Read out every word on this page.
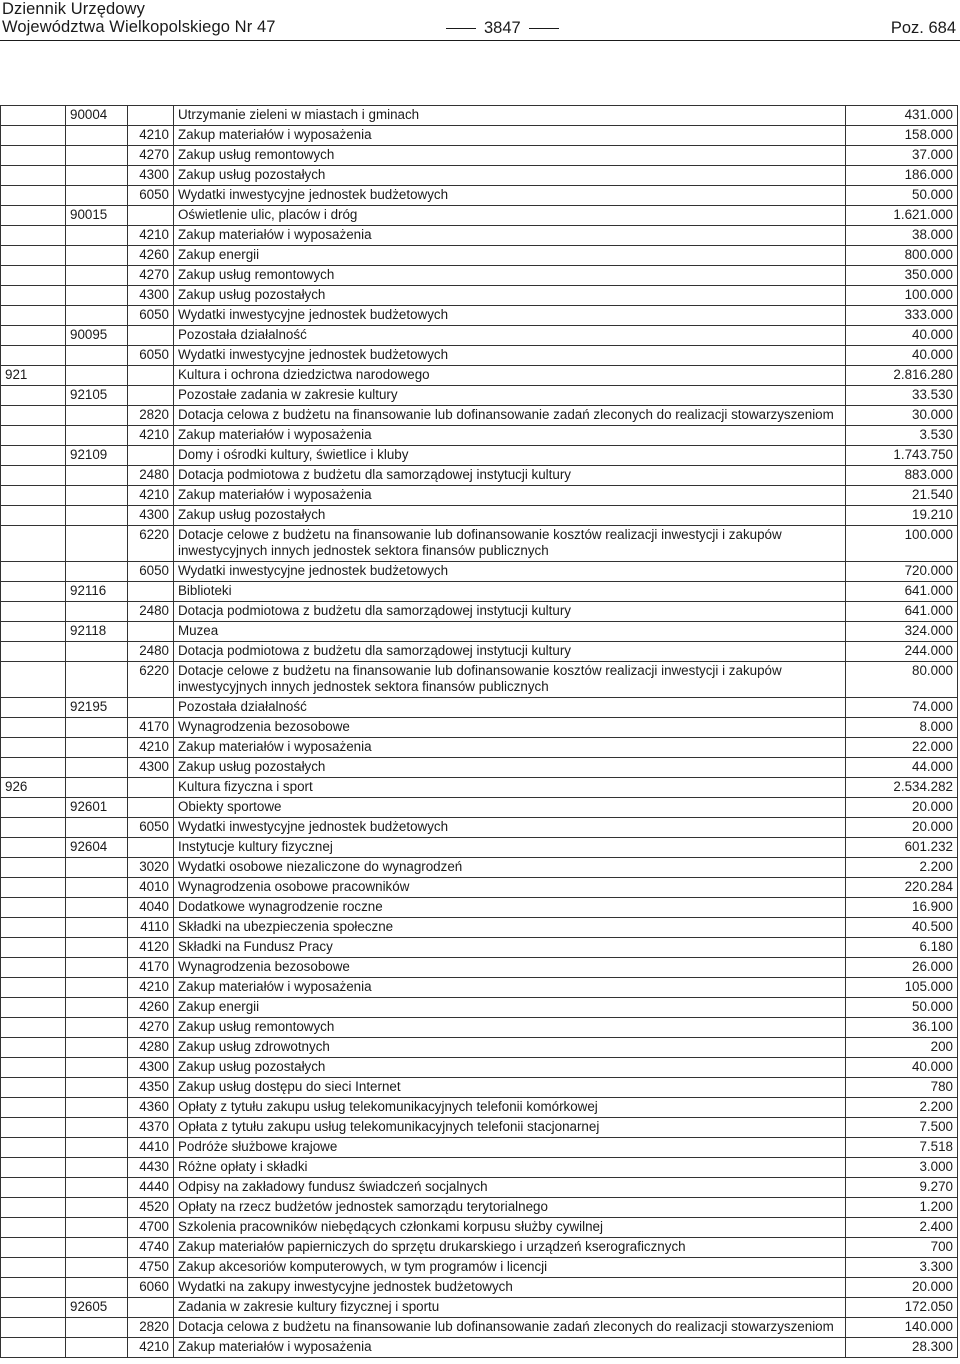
Dziennik Urzędowy
Województwa Wielkopolskiego Nr 47	3847	Poz. 684
	90004		Utrzymanie zieleni w miastach i gminach	431.000
		4210	Zakup materiałów i wyposażenia	158.000
		4270	Zakup usług remontowych	37.000
		4300	Zakup usług pozostałych	186.000
		6050	Wydatki inwestycyjne jednostek budżetowych	50.000
	90015		Oświetlenie ulic, placów i dróg	1.621.000
		4210	Zakup materiałów i wyposażenia	38.000
		4260	Zakup energii	800.000
		4270	Zakup usług remontowych	350.000
		4300	Zakup usług pozostałych	100.000
		6050	Wydatki inwestycyjne jednostek budżetowych	333.000
	90095		Pozostała działalność	40.000
		6050	Wydatki inwestycyjne jednostek budżetowych	40.000
921			Kultura i ochrona dziedzictwa narodowego	2.816.280
	92105		Pozostałe zadania w zakresie kultury	33.530
		2820	Dotacja celowa z budżetu na finansowanie lub dofinansowanie zadań zleconych do realizacji stowarzyszeniom	30.000
		4210	Zakup materiałów i wyposażenia	3.530
	92109		Domy i ośrodki kultury, świetlice i kluby	1.743.750
		2480	Dotacja podmiotowa z budżetu dla samorządowej instytucji kultury	883.000
		4210	Zakup materiałów i wyposażenia	21.540
		4300	Zakup usług pozostałych	19.210
		6220	Dotacje celowe z budżetu na finansowanie lub dofinansowanie kosztów realizacji inwestycji i zakupów inwestycyjnych innych jednostek sektora finansów publicznych	100.000
		6050	Wydatki inwestycyjne jednostek budżetowych	720.000
	92116		Biblioteki	641.000
		2480	Dotacja podmiotowa z budżetu dla samorządowej instytucji kultury	641.000
	92118		Muzea	324.000
		2480	Dotacja podmiotowa z budżetu dla samorządowej instytucji kultury	244.000
		6220	Dotacje celowe z budżetu na finansowanie lub dofinansowanie kosztów realizacji inwestycji i zakupów inwestycyjnych innych jednostek sektora finansów publicznych	80.000
	92195		Pozostała działalność	74.000
		4170	Wynagrodzenia bezosobowe	8.000
		4210	Zakup materiałów i wyposażenia	22.000
		4300	Zakup usług pozostałych	44.000
926			Kultura fizyczna i sport	2.534.282
	92601		Obiekty sportowe	20.000
		6050	Wydatki inwestycyjne jednostek budżetowych	20.000
	92604		Instytucje kultury fizycznej	601.232
		3020	Wydatki osobowe niezaliczone do wynagrodzeń	2.200
		4010	Wynagrodzenia osobowe pracowników	220.284
		4040	Dodatkowe wynagrodzenie roczne	16.900
		4110	Składki na ubezpieczenia społeczne	40.500
		4120	Składki na Fundusz Pracy	6.180
		4170	Wynagrodzenia bezosobowe	26.000
		4210	Zakup materiałów i wyposażenia	105.000
		4260	Zakup energii	50.000
		4270	Zakup usług remontowych	36.100
		4280	Zakup usług zdrowotnych	200
		4300	Zakup usług pozostałych	40.000
		4350	Zakup usług dostępu do sieci Internet	780
		4360	Opłaty z tytułu zakupu usług telekomunikacyjnych telefonii komórkowej	2.200
		4370	Opłata z tytułu zakupu usług telekomunikacyjnych telefonii stacjonarnej	7.500
		4410	Podróże służbowe krajowe	7.518
		4430	Różne opłaty i składki	3.000
		4440	Odpisy na zakładowy fundusz świadczeń socjalnych	9.270
		4520	Opłaty na rzecz budżetów jednostek samorządu terytorialnego	1.200
		4700	Szkolenia pracowników niebędących członkami korpusu służby cywilnej	2.400
		4740	Zakup materiałów papierniczych do sprzętu drukarskiego i urządzeń kserograficznych	700
		4750	Zakup akcesoriów komputerowych, w tym programów i licencji	3.300
		6060	Wydatki na zakupy inwestycyjne jednostek budżetowych	20.000
	92605		Zadania w zakresie kultury fizycznej i sportu	172.050
		2820	Dotacja celowa z budżetu na finansowanie lub dofinansowanie zadań zleconych do realizacji stowarzyszeniom	140.000
		4210	Zakup materiałów i wyposażenia	28.300
